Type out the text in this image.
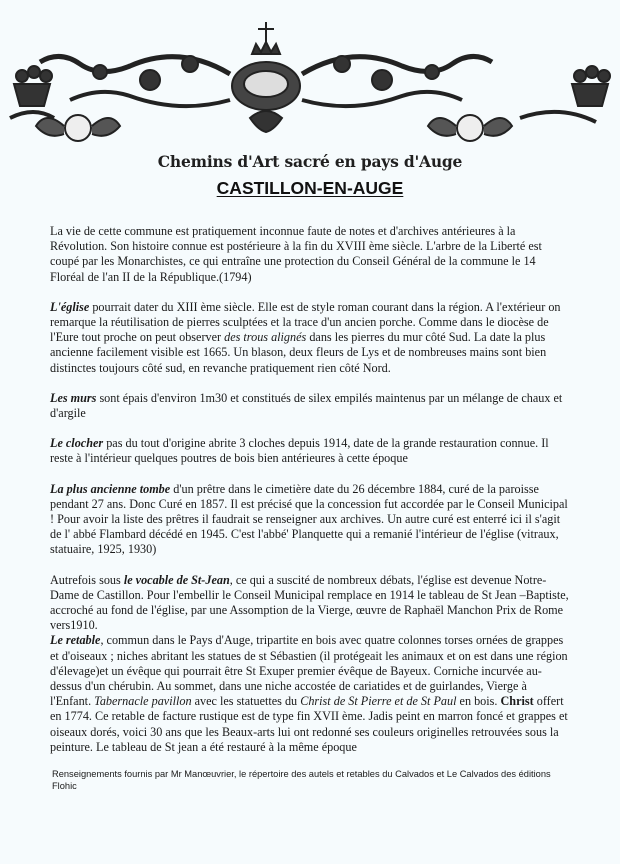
Chemins d'Art sacré en pays d'Auge
CASTILLON-EN-AUGE

La vie de cette commune est pratiquement inconnue faute de notes et d'archives antérieures à la Révolution. Son histoire connue est postérieure à la fin du XVIII ème siècle. L'arbre de la Liberté est coupé par les Monarchistes, ce qui entraîne une protection du Conseil Général de la commune le 14 Floréal de l'an II de la République.(1794)

L'église pourrait dater du XIII ème siècle. Elle est de style roman courant dans la région. A l'extérieur on remarque la réutilisation de pierres sculptées et la trace d'un ancien porche. Comme dans le diocèse de l'Eure tout proche on peut observer des trous alignés dans les pierres du mur côté Sud. La date la plus ancienne facilement visible est 1665. Un blason, deux fleurs de Lys et de nombreuses mains sont bien distinctes toujours côté sud, en revanche pratiquement rien côté Nord.

Les murs sont épais d'environ 1m30 et constitués de silex empilés maintenus par un mélange de chaux et d'argile

Le clocher pas du tout d'origine abrite 3 cloches depuis 1914, date de la grande restauration connue. Il reste à l'intérieur quelques poutres de bois bien antérieures à cette époque

La plus ancienne tombe d'un prêtre dans le cimetière date du 26 décembre 1884, curé de la paroisse pendant 27 ans. Donc Curé en 1857. Il est précisé que la concession fut accordée par le Conseil Municipal ! Pour avoir la liste des prêtres il faudrait se renseigner aux archives. Un autre curé est enterré ici il s'agit de l' abbé Flambard décédé en 1945. C'est l'abbé' Planquette qui a remanié l'intérieur de l'église (vitraux, statuaire, 1925, 1930)

Autrefois sous le vocable de St-Jean, ce qui a suscité de nombreux débats, l'église est devenue Notre-Dame de Castillon. Pour l'embellir le Conseil Municipal remplace en 1914 le tableau de St Jean –Baptiste, accroché au fond de l'église, par une Assomption de la Vierge, œuvre de Raphaël Manchon Prix de Rome vers1910.

Le retable, commun dans le Pays d'Auge, tripartite en bois avec quatre colonnes torses ornées de grappes et d'oiseaux ; niches abritant les statues de st Sébastien (il protégeait les animaux et on est dans une région d'élevage)et un évêque qui pourrait être St Exuper premier évêque de Bayeux. Corniche incurvée au-dessus d'un chérubin. Au sommet, dans une niche accostée de cariatides et de guirlandes, Vierge à l'Enfant. Tabernacle pavillon avec les statuettes du Christ de St Pierre et de St Paul en bois. Christ offert en 1774. Ce retable de facture rustique est de type fin XVII ème. Jadis peint en marron foncé et grappes et oiseaux dorés, voici 30 ans que les Beaux-arts lui ont redonné ses couleurs originelles retrouvées sous la peinture. Le tableau de St jean a été restauré à la même époque

Renseignements fournis par Mr Manœuvrier, le répertoire des autels et retables du Calvados et Le Calvados des éditions Flohic
